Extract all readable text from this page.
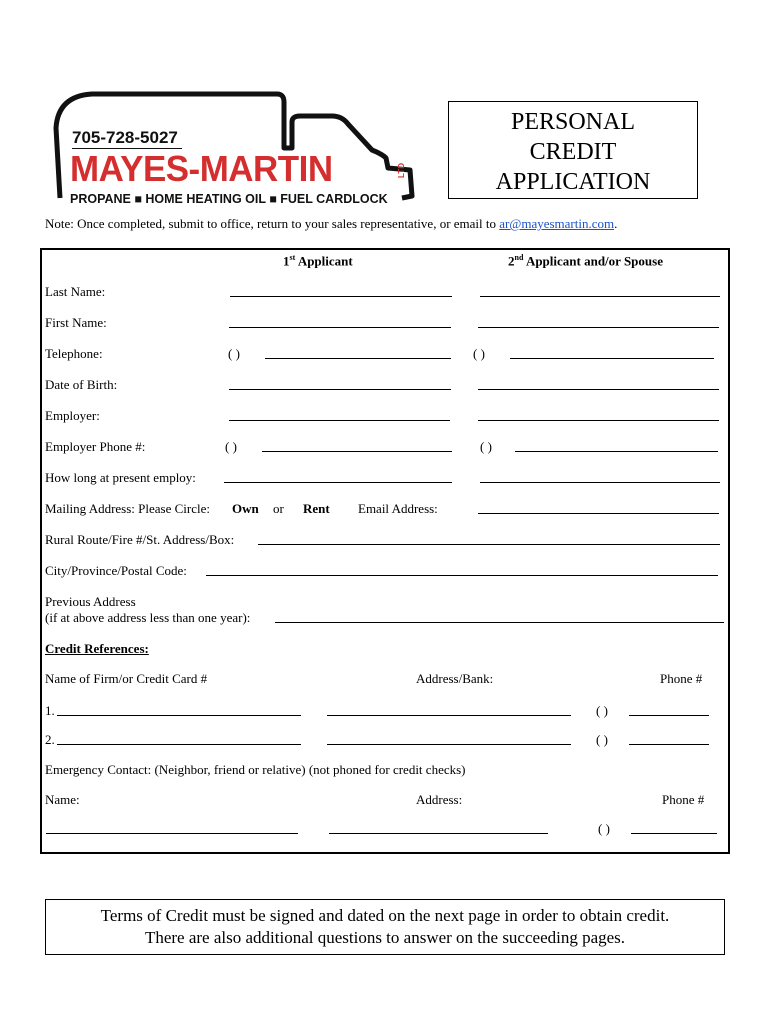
705-728-5027
MAYES-MARTIN	LTD
PROPANE ■ HOME HEATING OIL ■ FUEL CARDLOCK
PERSONAL
CREDIT
APPLICATION
Note: Once completed, submit to office, return to your sales representative, or email to ar@mayesmartin.com.
1st Applicant	2nd Applicant and/or Spouse
Last Name:
First Name:
Telephone:	( )	( )
Date of Birth:
Employer:
Employer Phone #:	( )	( )
How long at present employ:
Mailing Address: Please Circle: Own or Rent Email Address:
Rural Route/Fire #/St. Address/Box:
City/Province/Postal Code:
Previous Address
(if at above address less than one year):
Credit References:
Name of Firm/or Credit Card #	Address/Bank:	Phone #
1.	( )
2.	( )
Emergency Contact: (Neighbor, friend or relative) (not phoned for credit checks)
Name:	Address:	Phone #
( )
Terms of Credit must be signed and dated on the next page in order to obtain credit.
There are also additional questions to answer on the succeeding pages.
